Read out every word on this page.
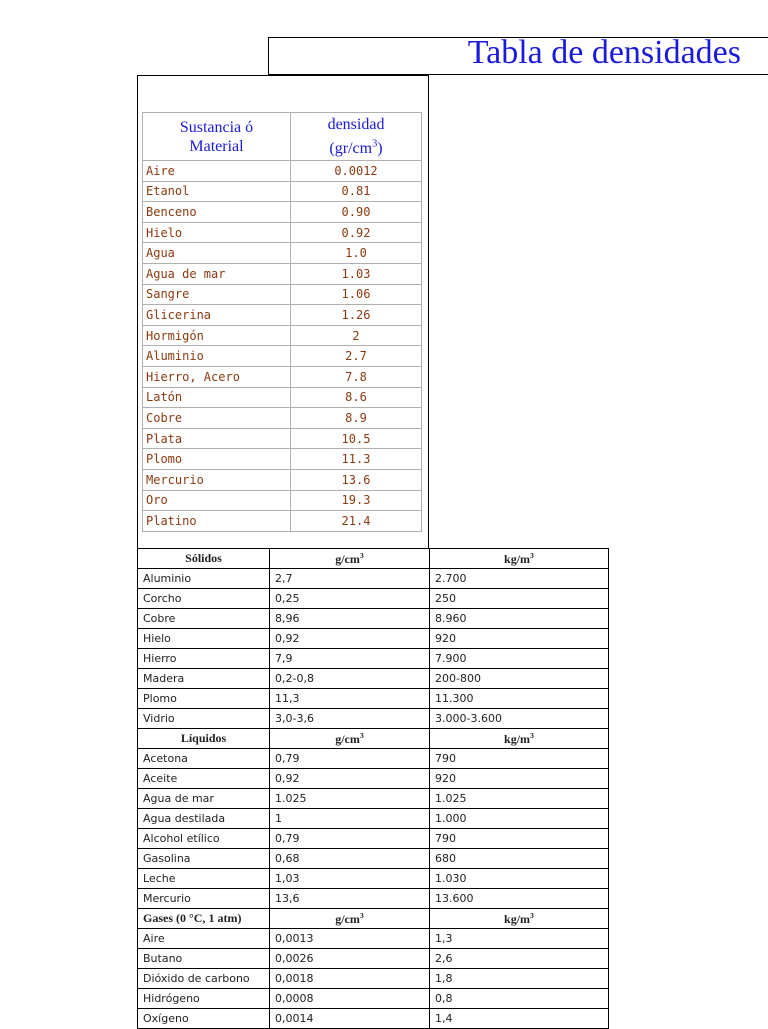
Tabla de densidades
Sustancia ó
Material	densidad
$(gr/cm^3)$
Aire	0.0012
Etanol	0.81
Benceno	0.90
Hielo	0.92
Agua	1.0
Agua de mar	1.03
Sangre	1.06
Glicerina	1.26
Hormigón	2
Aluminio	2.7
Hierro, Acero	7.8
Latón	8.6
Cobre	8.9
Plata	10.5
Plomo	11.3
Mercurio	13.6
Oro	19.3
Platino	21.4
Sólidos	$g/cm^3$	$kg/m^3$
Aluminio	2,7	2.700
Corcho	0,25	250
Cobre	8,96	8.960
Hielo	0,92	920
Hierro	7,9	7.900
Madera	0,2-0,8	200-800
Plomo	11,3	11.300
Vidrio	3,0-3,6	3.000-3.600
Líquidos	$g/cm^3$	$kg/m^3$
Acetona	0,79	790
Aceite	0,92	920
Agua de mar	1.025	1.025
Agua destilada	1	1.000
Alcohol etílico	0,79	790
Gasolina	0,68	680
Leche	1,03	1.030
Mercurio	13,6	13.600
Gases (0 °C, 1 atm)	$g/cm^3$	$kg/m^3$
Aire	0,0013	1,3
Butano	0,0026	2,6
Dióxido de carbono	0,0018	1,8
Hidrógeno	0,0008	0,8
Oxígeno	0,0014	1,4
